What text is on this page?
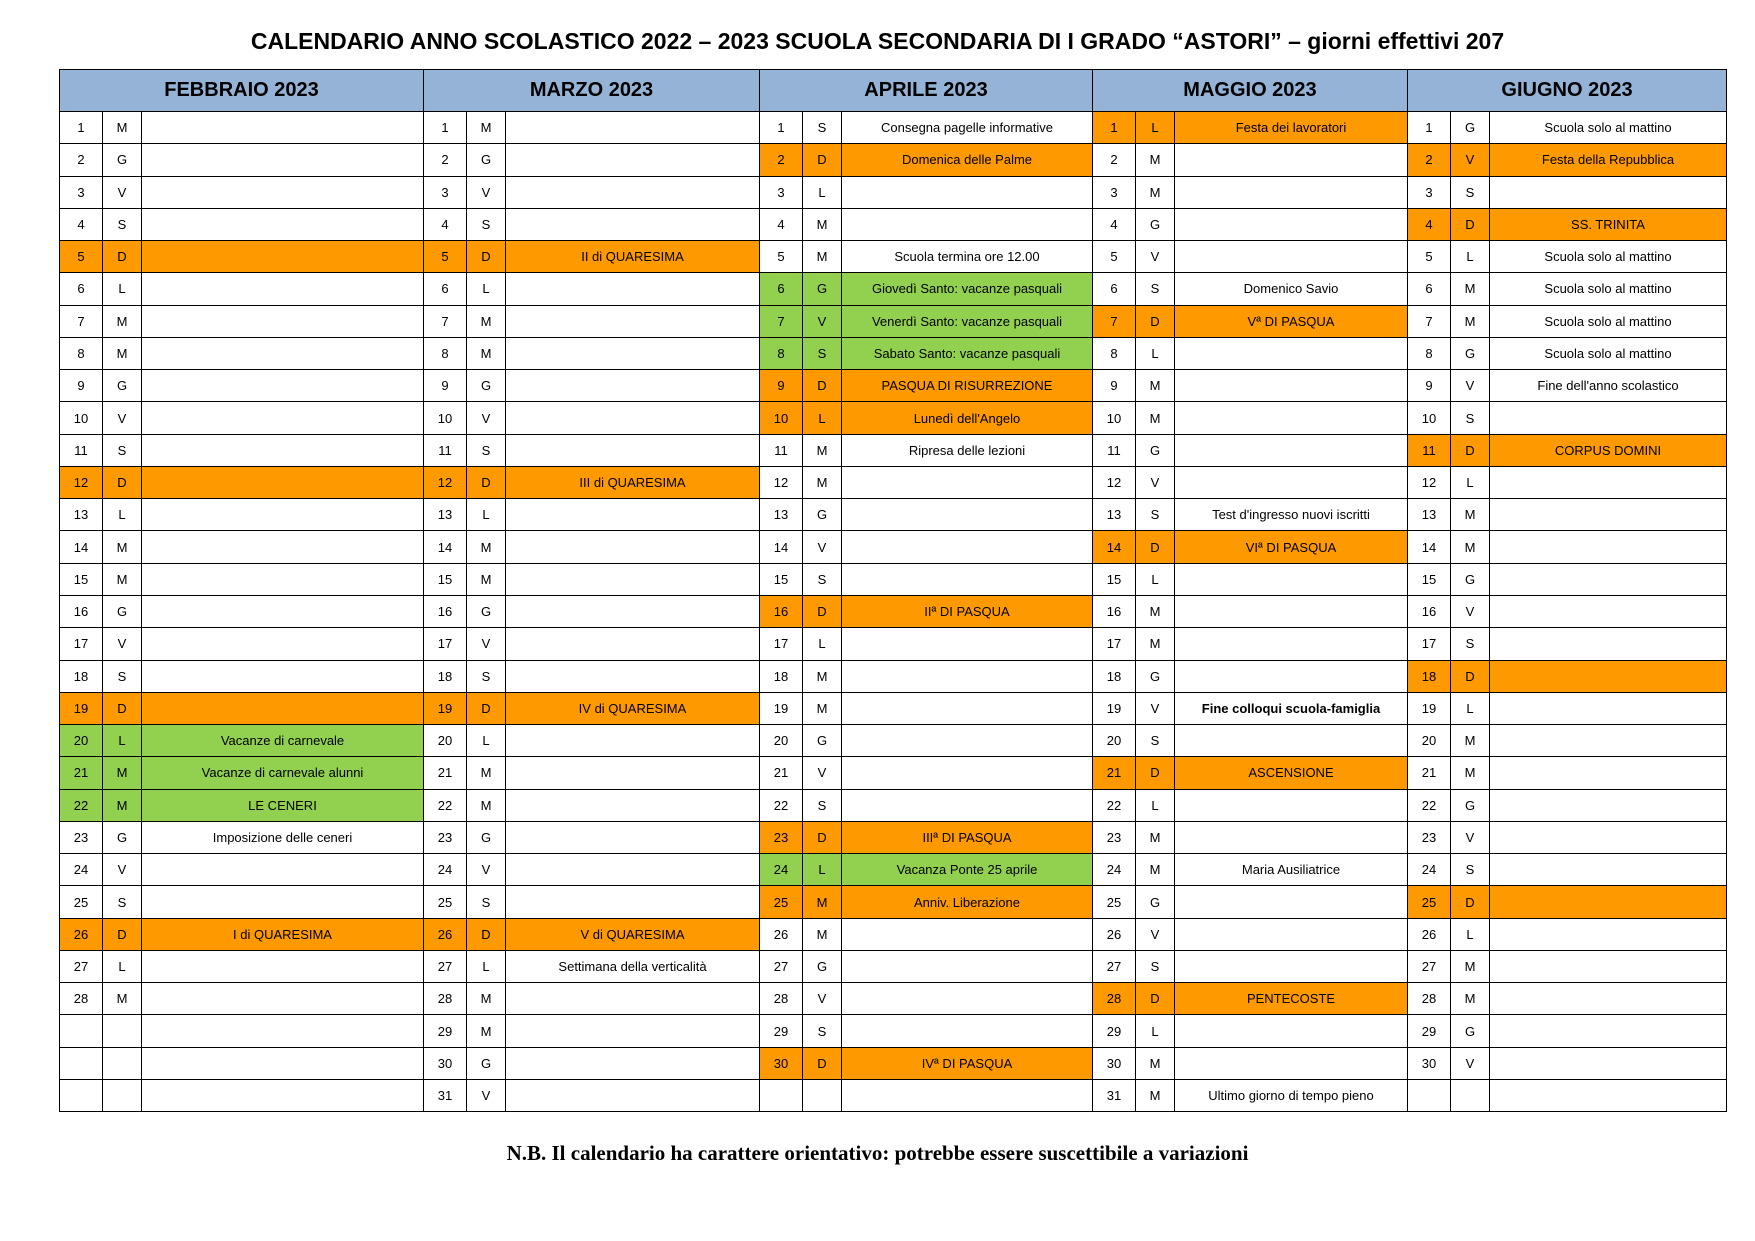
CALENDARIO ANNO SCOLASTICO 2022 – 2023 SCUOLA SECONDARIA DI I GRADO “ASTORI” – giorni effettivi 207
FEBBRAIO 2023
1	M
2	G
3	V
4	S
5	D
6	L
7	M
8	M
9	G
10	V
11	S
12	D
13	L
14	M
15	M
16	G
17	V
18	S
19	D
20	L	Vacanze di carnevale
21	M	Vacanze di carnevale alunni
22	M	LE CENERI
23	G	Imposizione delle ceneri
24	V
25	S
26	D	I di QUARESIMA
27	L
28	M
MARZO 2023
1	M
2	G
3	V
4	S
5	D	II di QUARESIMA
6	L
7	M
8	M
9	G
10	V
11	S
12	D	III di QUARESIMA
13	L
14	M
15	M
16	G
17	V
18	S
19	D	IV di QUARESIMA
20	L
21	M
22	M
23	G
24	V
25	S
26	D	V di QUARESIMA
27	L	Settimana della verticalità
28	M
29	M
30	G
31	V
APRILE 2023
1	S	Consegna pagelle informative
2	D	Domenica delle Palme
3	L
4	M
5	M	Scuola termina ore 12.00
6	G	Giovedì Santo: vacanze pasquali
7	V	Venerdì Santo: vacanze pasquali
8	S	Sabato Santo: vacanze pasquali
9	D	PASQUA DI RISURREZIONE
10	L	Lunedì dell'Angelo
11	M	Ripresa delle lezioni
12	M
13	G
14	V
15	S
16	D	IIª DI PASQUA
17	L
18	M
19	M
20	G
21	V
22	S
23	D	IIIª DI PASQUA
24	L	Vacanza Ponte 25 aprile
25	M	Anniv. Liberazione
26	M
27	G
28	V
29	S
30	D	IVª DI PASQUA
MAGGIO 2023
1	L	Festa dei lavoratori
2	M
3	M
4	G
5	V
6	S	Domenico Savio
7	D	Vª DI PASQUA
8	L
9	M
10	M
11	G
12	V
13	S	Test d'ingresso nuovi iscritti
14	D	VIª DI PASQUA
15	L
16	M
17	M
18	G
19	V	Fine colloqui scuola-famiglia
20	S
21	D	ASCENSIONE
22	L
23	M
24	M	Maria Ausiliatrice
25	G
26	V
27	S
28	D	PENTECOSTE
29	L
30	M
31	M	Ultimo giorno di tempo pieno
GIUGNO 2023
1	G	Scuola solo al mattino
2	V	Festa della Repubblica
3	S
4	D	SS. TRINITA
5	L	Scuola solo al mattino
6	M	Scuola solo al mattino
7	M	Scuola solo al mattino
8	G	Scuola solo al mattino
9	V	Fine dell'anno scolastico
10	S
11	D	CORPUS DOMINI
12	L
13	M
14	M
15	G
16	V
17	S
18	D
19	L
20	M
21	M
22	G
23	V
24	S
25	D
26	L
27	M
28	M
29	G
30	V
N.B. Il calendario ha carattere orientativo: potrebbe essere suscettibile a variazioni
